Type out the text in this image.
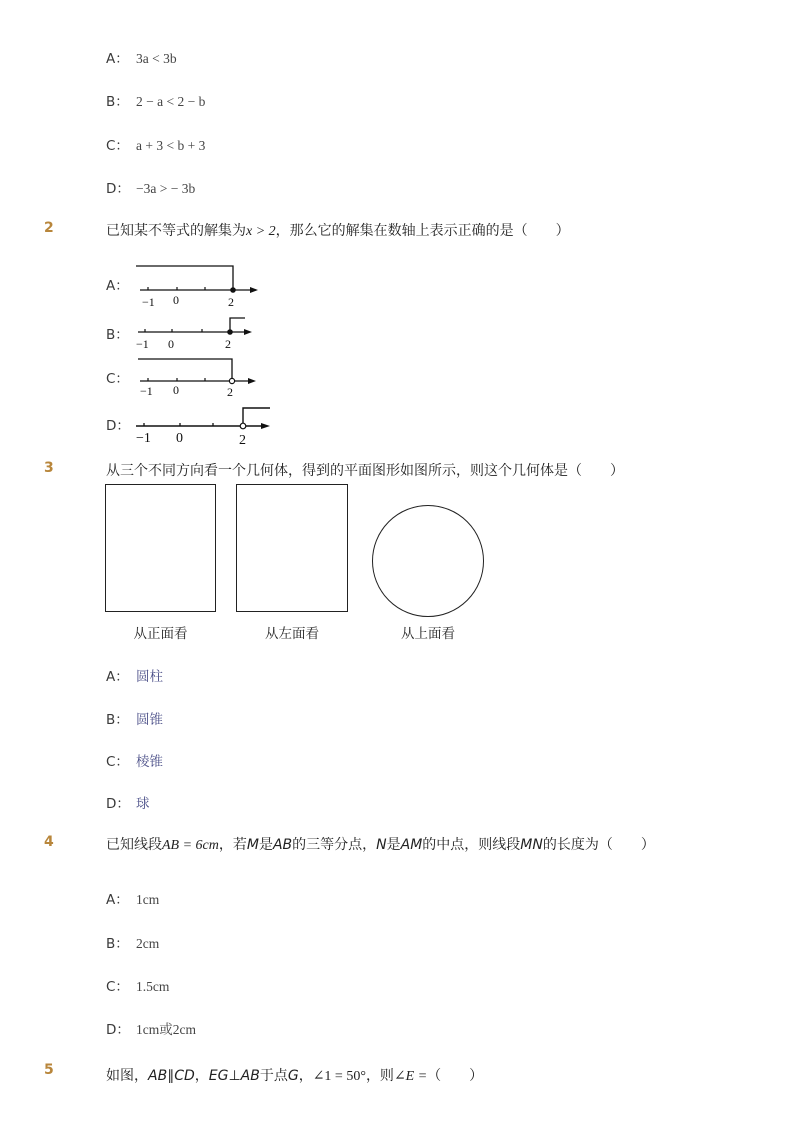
A： 3a < 3b
B： 2 − a < 2 − b
C： a + 3 < b + 3
D： −3a > − 3b
2	已知某不等式的解集为x > 2，那么它的解集在数轴上表示正确的是（　　）
A：
B：
C：
D：
−1 0	2
−1 0	2
−1 0	2
−1 0	2
3	从三个不同方向看一个几何体，得到的平面图形如图所示，则这个几何体是（　　）
从正面看	从左面看	从上面看
A： 圆柱
B： 圆锥
C： 棱锥
D： 球
4	已知线段AB = 6cm，若M是AB的三等分点，N是AM的中点，则线段MN的长度为（　　）
A： 1cm
B： 2cm
C： 1.5cm
D： 1cm或2cm
5	如图，AB∥CD，EG⊥AB于点G，∠1 = 50°，则∠E =（　　）
